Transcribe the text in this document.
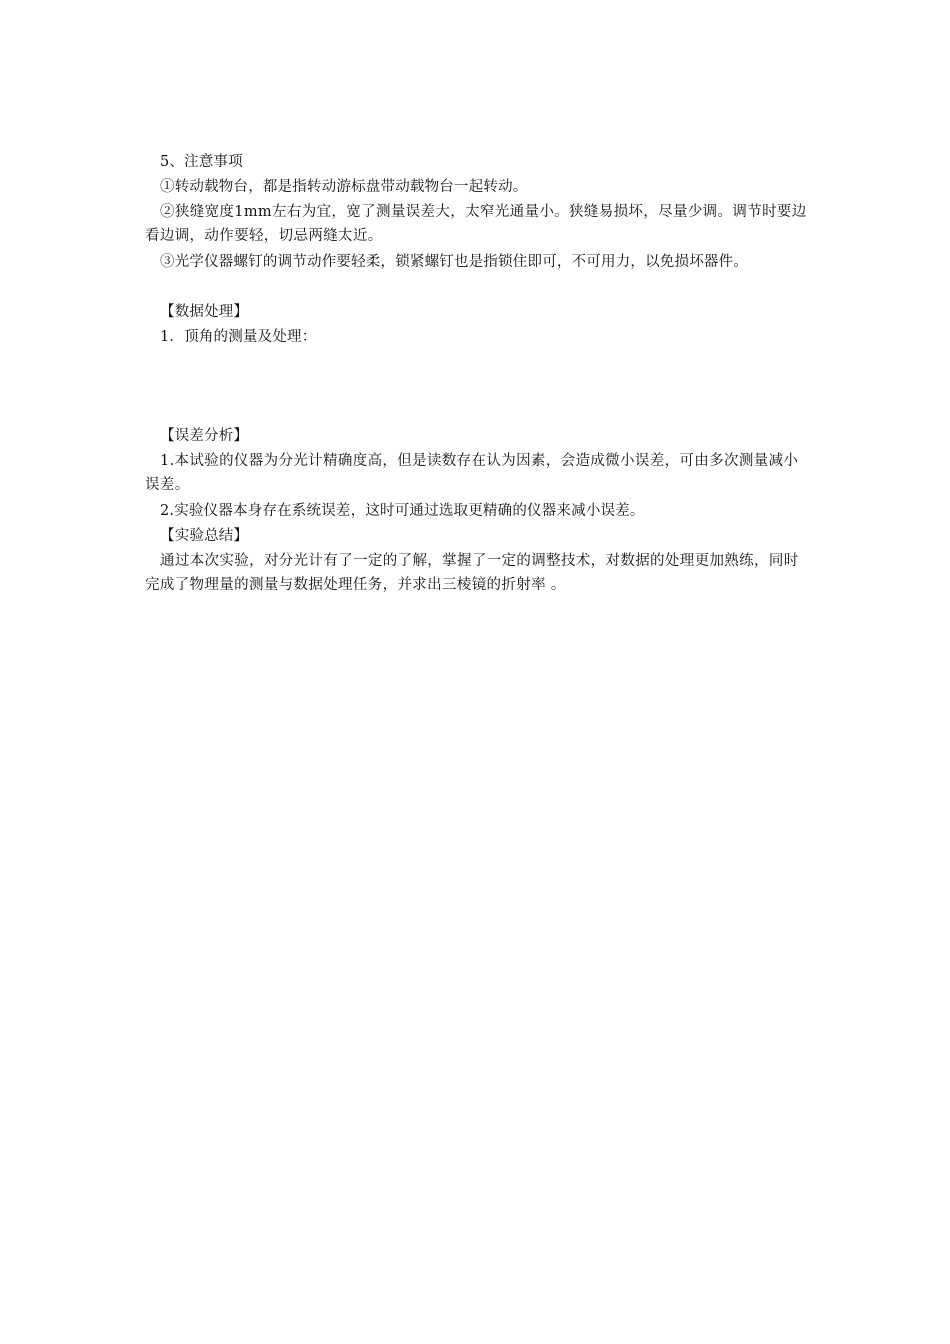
5、注意事项
①转动载物台，都是指转动游标盘带动载物台一起转动。
②狭缝宽度1mm左右为宜，宽了测量误差大，太窄光通量小。狭缝易损坏，尽量少调。调节时要边看边调，动作要轻，切忌两缝太近。
③光学仪器螺钉的调节动作要轻柔，锁紧螺钉也是指锁住即可，不可用力，以免损坏器件。
【数据处理】
1．顶角的测量及处理：
【误差分析】
1.本试验的仪器为分光计精确度高，但是读数存在认为因素，会造成微小误差，可由多次测量减小误差。
2.实验仪器本身存在系统误差，这时可通过选取更精确的仪器来减小误差。
【实验总结】
通过本次实验，对分光计有了一定的了解，掌握了一定的调整技术，对数据的处理更加熟练，同时完成了物理量的测量与数据处理任务，并求出三棱镜的折射率 。
